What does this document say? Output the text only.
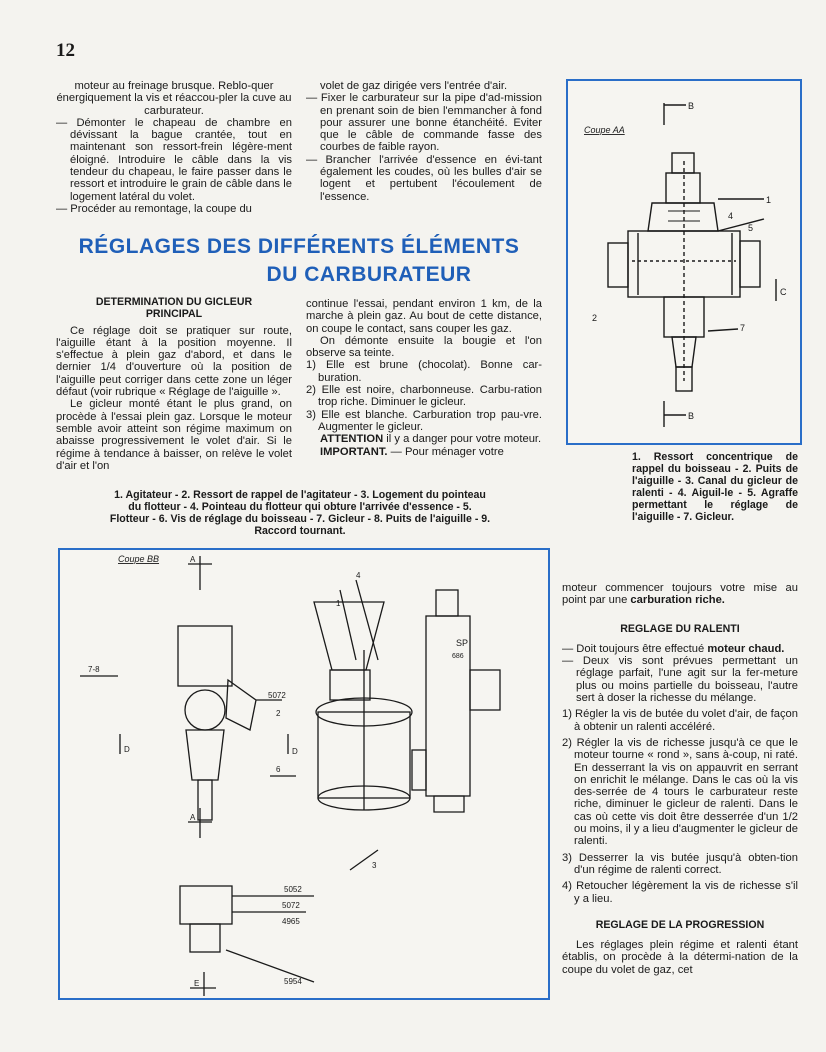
12

moteur au freinage brusque. Reblo-quer énergiquement la vis et réaccou-pler la cuve au carburateur.

— Démonter le chapeau de chambre en dévissant la bague crantée, tout en maintenant son ressort-frein légère-ment éloigné. Introduire le câble dans la vis tendeur du chapeau, le faire passer dans le ressort et introduire le grain de câble dans le logement latéral du volet.

— Procéder au remontage, la coupe du

volet de gaz dirigée vers l'entrée d'air.

— Fixer le carburateur sur la pipe d'ad-mission en prenant soin de bien l'emmancher à fond pour assurer une bonne étanchéité. Eviter que le câble de commande fasse des courbes de faible rayon.

— Brancher l'arrivée d'essence en évi-tant également les coudes, où les bulles d'air se logent et pertubent l'écoulement de l'essence.

RÉGLAGES DES DIFFÉRENTS ÉLÉMENTS
DU CARBURATEUR

DETERMINATION DU GICLEUR

PRINCIPAL

Ce réglage doit se pratiquer sur route, l'aiguille étant à la position moyenne. Il s'effectue à plein gaz d'abord, et dans le dernier 1/4 d'ouverture où la position de l'aiguille peut corriger dans cette zone un léger défaut (voir rubrique « Réglage de l'aiguille ».

Le gicleur monté étant le plus grand, on procède à l'essai plein gaz. Lorsque le moteur semble avoir atteint son régime maximum on abaisse progressivement le volet d'air. Si le régime à tendance à baisser, on relève le volet d'air et l'on

continue l'essai, pendant environ 1 km, de la marche à plein gaz. Au bout de cette distance, on coupe le contact, sans couper les gaz.

On démonte ensuite la bougie et l'on observe sa teinte.

1) Elle est brune (chocolat). Bonne car-buration.

2) Elle est noire, charbonneuse. Carbu-ration trop riche. Diminuer le gicleur.

3) Elle est blanche. Carburation trop pau-vre. Augmenter le gicleur.

ATTENTION il y a danger pour votre moteur.

IMPORTANT. — Pour ménager votre

Coupe AA
B
B
C
1
4
5
2
7
1. Ressort concentrique de rappel du boisseau - 2. Puits de l'aiguille - 3. Canal du gicleur de ralenti - 4. Aiguil-le - 5. Agraffe permettant le réglage de l'aiguille - 7. Gicleur.
1. Agitateur - 2. Ressort de rappel de l'agitateur - 3. Logement du pointeau du flotteur - 4. Pointeau du flotteur qui obture l'arrivée d'essence - 5. Flotteur - 6. Vis de réglage du boisseau - 7. Gicleur - 8. Puits de l'aiguille - 9. Raccord tournant.
Coupe BB	A
5072
2
7-8
D	D
6
A
4
1
3
SP
686
5052
5072
4965
5954
E

moteur commencer toujours votre mise au point par une carburation riche.

REGLAGE DU RALENTI

— Doit toujours être effectué moteur chaud.

— Deux vis sont prévues permettant un réglage parfait, l'une agit sur la fer-meture plus ou moins partielle du boisseau, l'autre sert à doser la richesse du mélange.

1) Régler la vis de butée du volet d'air, de façon à obtenir un ralenti accéléré.

2) Régler la vis de richesse jusqu'à ce que le moteur tourne « rond », sans à-coup, ni raté. En desserrant la vis on appauvrit en serrant on enrichit le mélange. Dans le cas où la vis des-serrée de 4 tours le carburateur reste riche, diminuer le gicleur de ralenti. Dans le cas où cette vis doit être desserrée d'un 1/2 ou moins, il y a lieu d'augmenter le gicleur de ralenti.

3) Desserrer la vis butée jusqu'à obten-tion d'un régime de ralenti correct.

4) Retoucher légèrement la vis de richesse s'il y a lieu.

REGLAGE DE LA PROGRESSION

Les réglages plein régime et ralenti étant établis, on procède à la détermi-nation de la coupe du volet de gaz, cet
